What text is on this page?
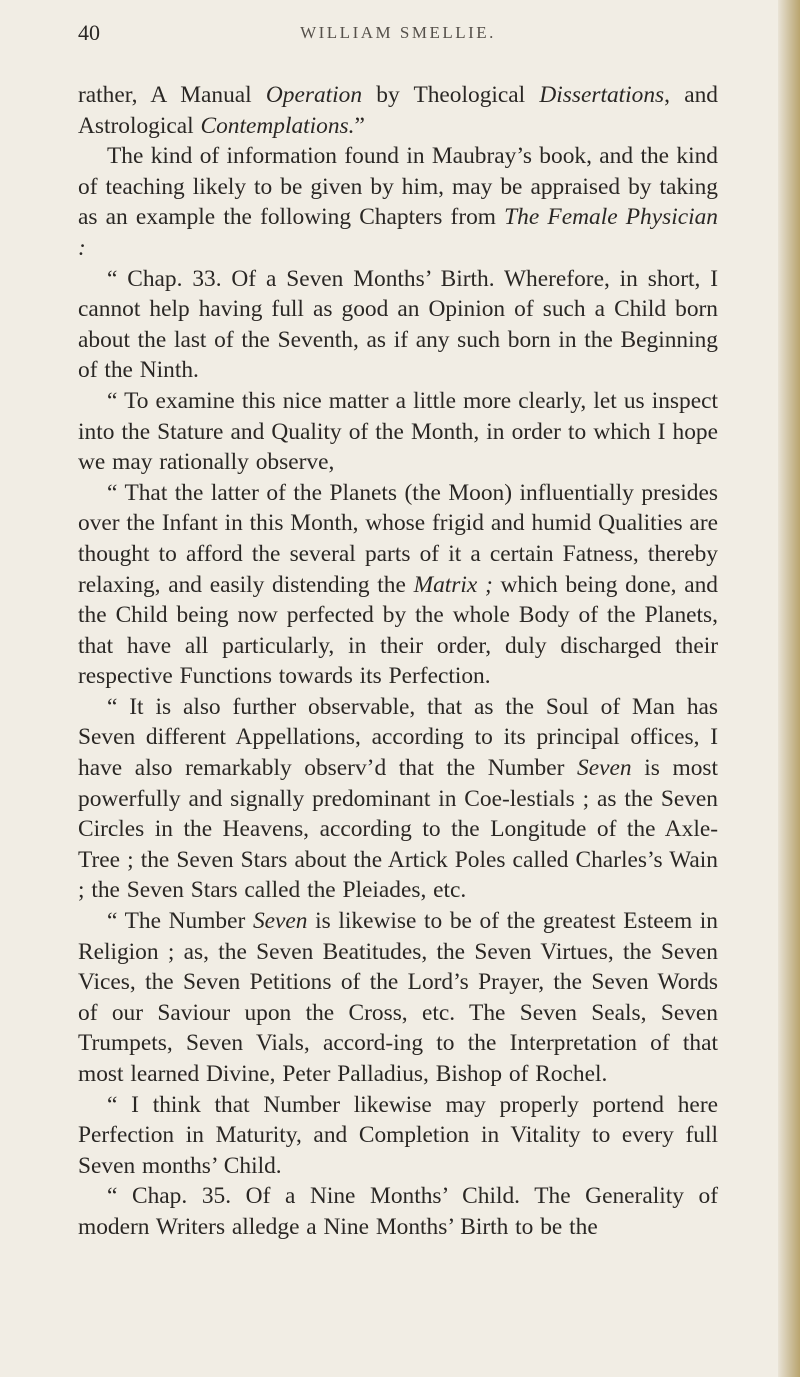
40	WILLIAM SMELLIE.

rather, A Manual Operation by Theological Dissertations, and Astrological Contemplations.”

The kind of information found in Maubray’s book, and the kind of teaching likely to be given by him, may be appraised by taking as an example the following Chapters from The Female Physician :

“ Chap. 33. Of a Seven Months’ Birth. Wherefore, in short, I cannot help having full as good an Opinion of such a Child born about the last of the Seventh, as if any such born in the Beginning of the Ninth.

“ To examine this nice matter a little more clearly, let us inspect into the Stature and Quality of the Month, in order to which I hope we may rationally observe,

“ That the latter of the Planets (the Moon) influentially presides over the Infant in this Month, whose frigid and humid Qualities are thought to afford the several parts of it a certain Fatness, thereby relaxing, and easily distending the Matrix ; which being done, and the Child being now perfected by the whole Body of the Planets, that have all particularly, in their order, duly discharged their respective Functions towards its Perfection.

“ It is also further observable, that as the Soul of Man has Seven different Appellations, according to its principal offices, I have also remarkably observ’d that the Number Seven is most powerfully and signally predominant in Coe-lestials ; as the Seven Circles in the Heavens, according to the Longitude of the Axle-Tree ; the Seven Stars about the Artick Poles called Charles’s Wain ; the Seven Stars called the Pleiades, etc.

“ The Number Seven is likewise to be of the greatest Esteem in Religion ; as, the Seven Beatitudes, the Seven Virtues, the Seven Vices, the Seven Petitions of the Lord’s Prayer, the Seven Words of our Saviour upon the Cross, etc. The Seven Seals, Seven Trumpets, Seven Vials, accord-ing to the Interpretation of that most learned Divine, Peter Palladius, Bishop of Rochel.

“ I think that Number likewise may properly portend here Perfection in Maturity, and Completion in Vitality to every full Seven months’ Child.

“ Chap. 35. Of a Nine Months’ Child. The Generality of modern Writers alledge a Nine Months’ Birth to be the
